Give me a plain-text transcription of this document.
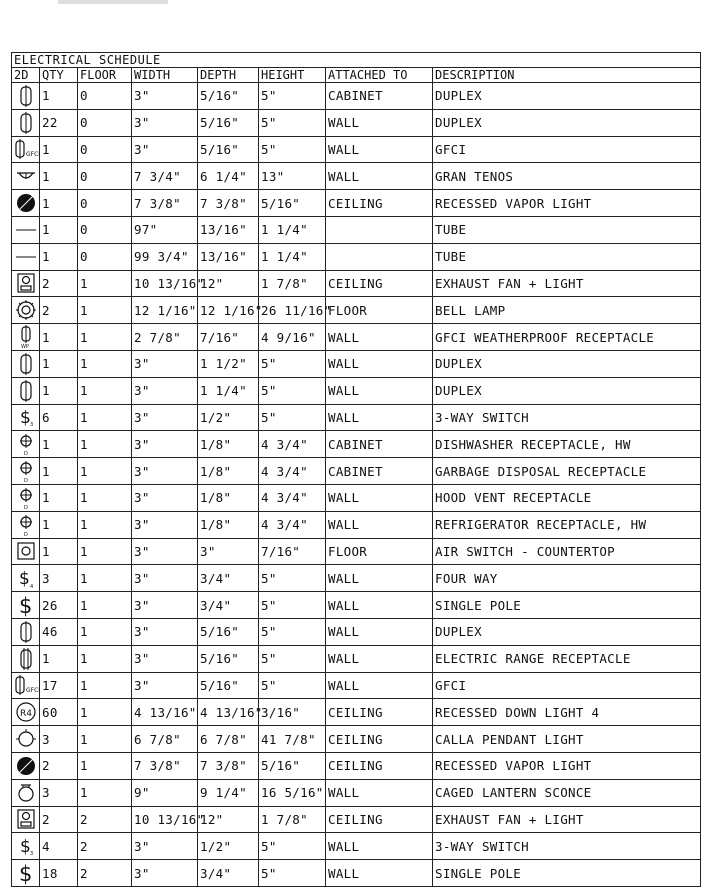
ELECTRICAL SCHEDULE							
2D	QTY	FLOOR	WIDTH	DEPTH	HEIGHT	ATTACHED TO	DESCRIPTION

	1	0	3"	5/16"	5"	CABINET	DUPLEX

	22	0	3"	5/16"	5"	WALL	DUPLEX

GFCI	1	0	3"	5/16"	5"	WALL	GFCI

	1	0	7 3/4"	6 1/4"	13"	WALL	GRAN TENOS

	1	0	7 3/8"	7 3/8"	5/16"	CEILING	RECESSED VAPOR LIGHT

	1	0	97"	13/16"	1 1/4"		TUBE

	1	0	99 3/4"	13/16"	1 1/4"		TUBE

	2	1	10 13/16"	12"	1 7/8"	CEILING	EXHAUST FAN + LIGHT

	2	1	12 1/16"	12 1/16"	26 11/16"	FLOOR	BELL LAMP

WP	1	1	2 7/8"	7/16"	4 9/16"	WALL	GFCI WEATHERPROOF RECEPTACLE

	1	1	3"	1 1/2"	5"	WALL	DUPLEX

	1	1	3"	1 1/4"	5"	WALL	DUPLEX

$ 3	6	1	3"	1/2"	5"	WALL	3-WAY SWITCH

D	1	1	3"	1/8"	4 3/4"	CABINET	DISHWASHER RECEPTACLE, HW

D	1	1	3"	1/8"	4 3/4"	CABINET	GARBAGE DISPOSAL RECEPTACLE

D	1	1	3"	1/8"	4 3/4"	WALL	HOOD VENT RECEPTACLE

D	1	1	3"	1/8"	4 3/4"	WALL	REFRIGERATOR RECEPTACLE, HW

	1	1	3"	3"	7/16"	FLOOR	AIR SWITCH - COUNTERTOP

$ 4	3	1	3"	3/4"	5"	WALL	FOUR WAY

$	26	1	3"	3/4"	5"	WALL	SINGLE POLE

	46	1	3"	5/16"	5"	WALL	DUPLEX

	1	1	3"	5/16"	5"	WALL	ELECTRIC RANGE RECEPTACLE

GFCI	17	1	3"	5/16"	5"	WALL	GFCI

R4	60	1	4 13/16"	4 13/16"	3/16"	CEILING	RECESSED DOWN LIGHT 4

	3	1	6 7/8"	6 7/8"	41 7/8"	CEILING	CALLA PENDANT LIGHT

	2	1	7 3/8"	7 3/8"	5/16"	CEILING	RECESSED VAPOR LIGHT

	3	1	9"	9 1/4"	16 5/16"	WALL	CAGED LANTERN SCONCE

	2	2	10 13/16"	12"	1 7/8"	CEILING	EXHAUST FAN + LIGHT

$ 3	4	2	3"	1/2"	5"	WALL	3-WAY SWITCH

$	18	2	3"	3/4"	5"	WALL	SINGLE POLE
